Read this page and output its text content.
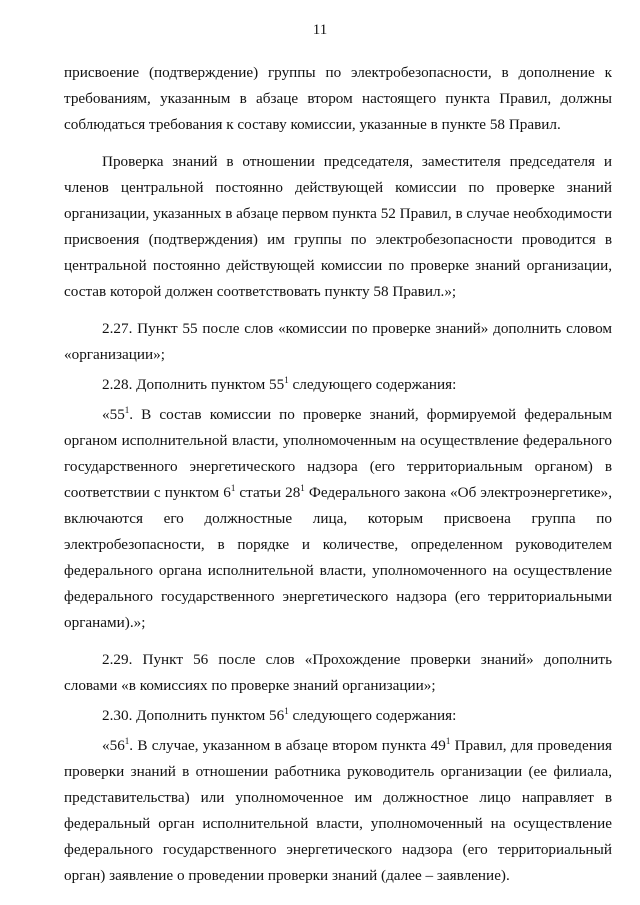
11

присвоение (подтверждение) группы по электробезопасности, в дополнение к требованиям, указанным в абзаце втором настоящего пункта Правил, должны соблюдаться требования к составу комиссии, указанные в пункте 58 Правил.

Проверка знаний в отношении председателя, заместителя председателя и членов центральной постоянно действующей комиссии по проверке знаний организации, указанных в абзаце первом пункта 52 Правил, в случае необходимости присвоения (подтверждения) им группы по электробезопасности проводится в центральной постоянно действующей комиссии по проверке знаний организации, состав которой должен соответствовать пункту 58 Правил.»;

2.27. Пункт 55 после слов «комиссии по проверке знаний» дополнить словом «организации»;

2.28. Дополнить пунктом $55^1$ следующего содержания:

«$55^1$. В состав комиссии по проверке знаний, формируемой федеральным органом исполнительной власти, уполномоченным на осуществление федерального государственного энергетического надзора (его территориальным органом) в соответствии с пунктом $6^1$ статьи $28^1$ Федерального закона «Об электроэнергетике», включаются его должностные лица, которым присвоена группа по электробезопасности, в порядке и количестве, определенном руководителем федерального органа исполнительной власти, уполномоченного на осуществление федерального государственного энергетического надзора (его территориальными органами).»;

2.29. Пункт 56 после слов «Прохождение проверки знаний» дополнить словами «в комиссиях по проверке знаний организации»;

2.30. Дополнить пунктом $56^1$ следующего содержания:

«$56^1$. В случае, указанном в абзаце втором пункта $49^1$ Правил, для проведения проверки знаний в отношении работника руководитель организации (ее филиала, представительства) или уполномоченное им должностное лицо направляет в федеральный орган исполнительной власти, уполномоченный на осуществление федерального государственного энергетического надзора (его территориальный орган) заявление о проведении проверки знаний (далее – заявление).
